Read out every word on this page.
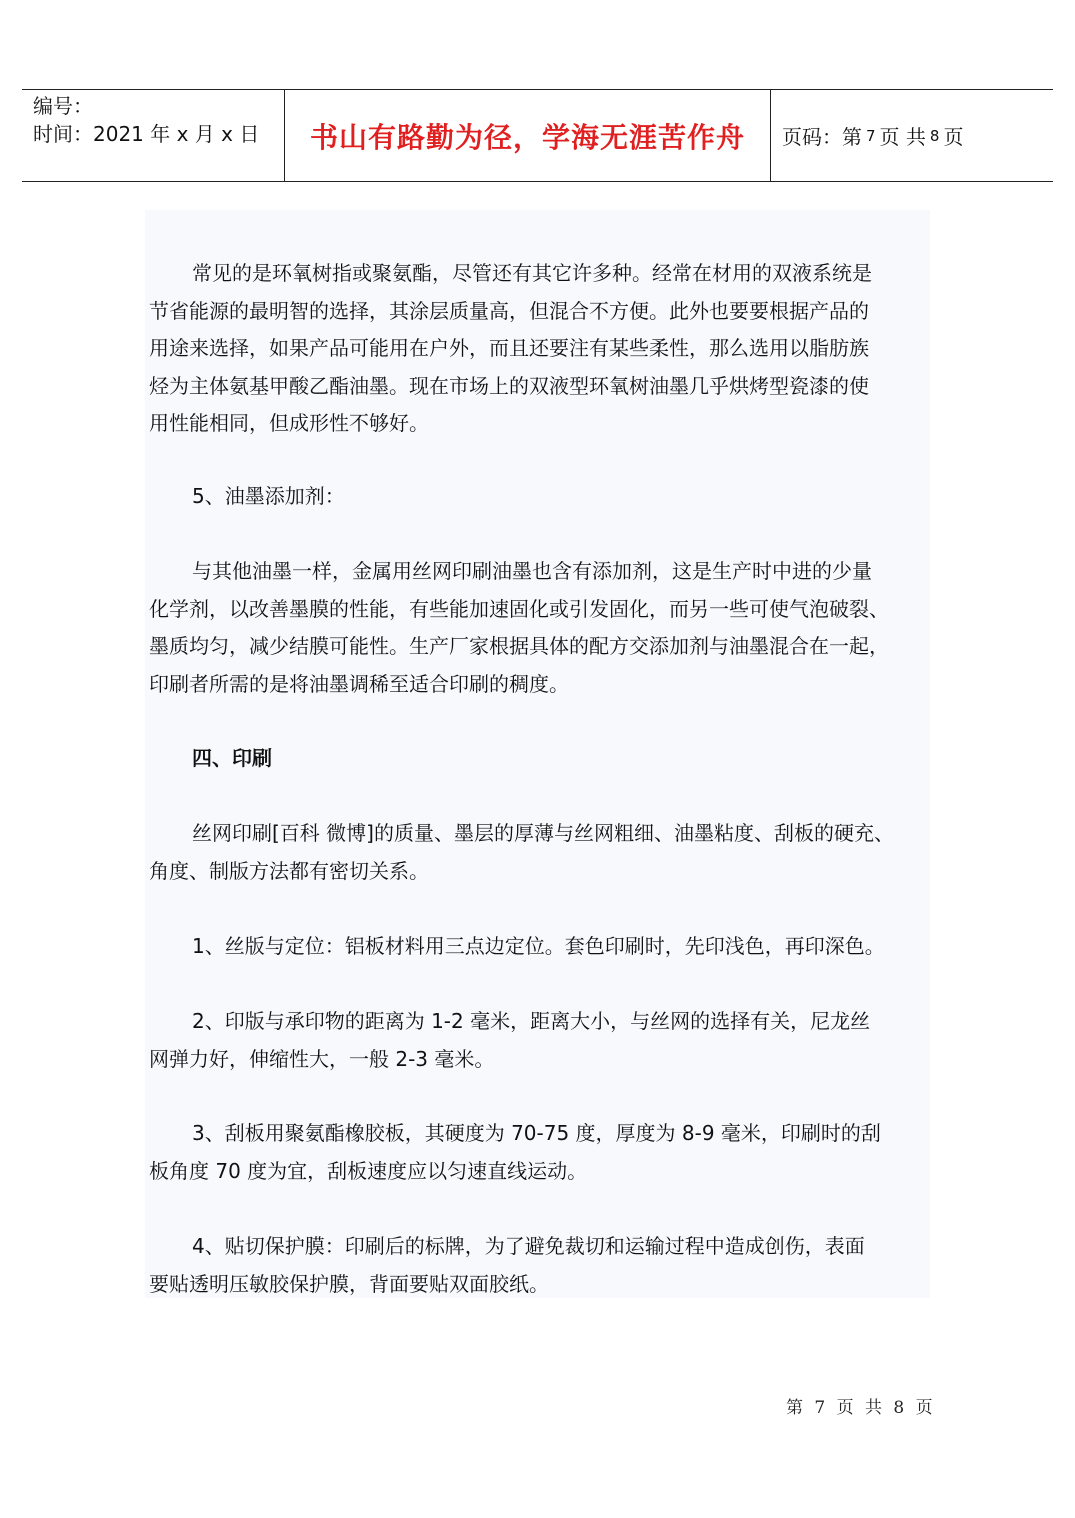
编号：
时间：2021 年 x 月 x 日	书山有路勤为径，学海无涯苦作舟 页码：第 7 页 共 8 页
常见的是环氧树指或聚氨酯，尽管还有其它许多种。经常在材用的双液系统是
节省能源的最明智的选择，其涂层质量高，但混合不方便。此外也要要根据产品的
用途来选择，如果产品可能用在户外，而且还要注有某些柔性，那么选用以脂肪族
烃为主体氨基甲酸乙酯油墨。现在市场上的双液型环氧树油墨几乎烘烤型瓷漆的使
用性能相同，但成形性不够好。
5、油墨添加剂：
与其他油墨一样，金属用丝网印刷油墨也含有添加剂，这是生产时中进的少量
化学剂，以改善墨膜的性能，有些能加速固化或引发固化，而另一些可使气泡破裂、
墨质均匀，减少结膜可能性。生产厂家根据具体的配方交添加剂与油墨混合在一起，
印刷者所需的是将油墨调稀至适合印刷的稠度。
四、印刷
丝网印刷[百科 微博]的质量、墨层的厚薄与丝网粗细、油墨粘度、刮板的硬充、
角度、制版方法都有密切关系。
1、丝版与定位：铝板材料用三点边定位。套色印刷时，先印浅色，再印深色。
2、印版与承印物的距离为 1-2 毫米，距离大小，与丝网的选择有关，尼龙丝
网弹力好，伸缩性大，一般 2-3 毫米。
3、刮板用聚氨酯橡胶板，其硬度为 70-75 度，厚度为 8-9 毫米，印刷时的刮
板角度 70 度为宜，刮板速度应以匀速直线运动。
4、贴切保护膜：印刷后的标牌，为了避免裁切和运输过程中造成创伤，表面
要贴透明压敏胶保护膜，背面要贴双面胶纸。
第 7 页 共 8 页
